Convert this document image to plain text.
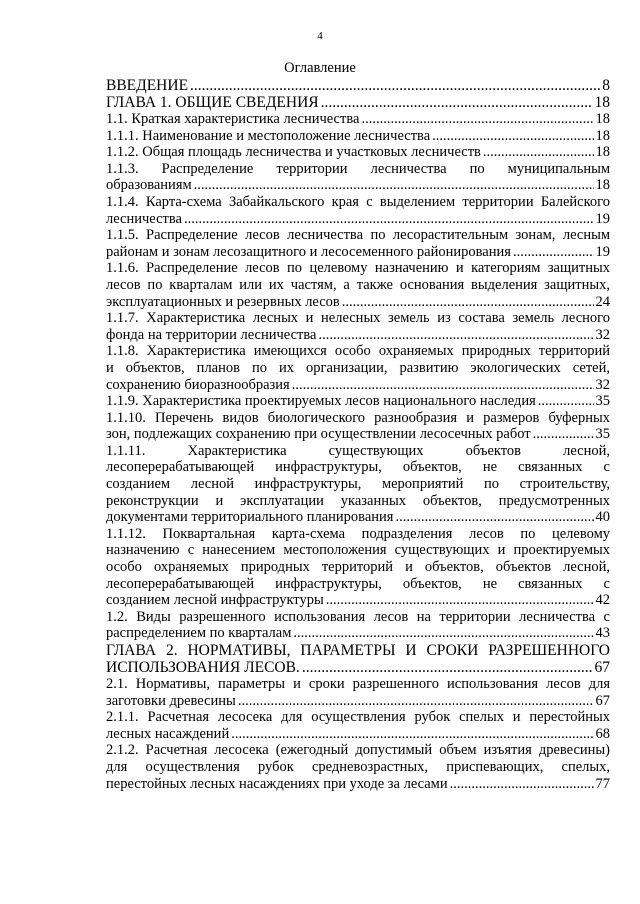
4
Оглавление
ВВЕДЕНИЕ .....	8
ГЛАВА 1. ОБЩИЕ СВЕДЕНИЯ .....	18
1.1. Краткая характеристика лесничества .....	18
1.1.1. Наименование и местоположение лесничества .....	18
1.1.2. Общая площадь лесничества и участковых лесничеств .....	18
1.1.3. Распределение территории лесничества по муниципальным
образованиям .....	18
1.1.4. Карта-схема Забайкальского края с выделением территории Балейского
лесничества .....	19
1.1.5. Распределение лесов лесничества по лесорастительным зонам, лесным
районам и зонам лесозащитного и лесосеменного районирования .....	19
1.1.6. Распределение лесов по целевому назначению и категориям защитных
лесов по кварталам или их частям, а также основания выделения защитных,
эксплуатационных и резервных лесов .....	24
1.1.7. Характеристика лесных и нелесных земель из состава земель лесного
фонда на территории лесничества .....	32
1.1.8. Характеристика имеющихся особо охраняемых природных территорий
и объектов, планов по их организации, развитию экологических сетей,
сохранению биоразнообразия .....	32
1.1.9. Характеристика проектируемых лесов национального наследия .....	35
1.1.10. Перечень видов биологического разнообразия и размеров буферных
зон, подлежащих сохранению при осуществлении лесосечных работ .....	35
1.1.11. Характеристика существующих объектов лесной,
лесоперерабатывающей инфраструктуры, объектов, не связанных с
созданием лесной инфраструктуры, мероприятий по строительству,
реконструкции и эксплуатации указанных объектов, предусмотренных
документами территориального планирования .....	40
1.1.12. Поквартальная карта-схема подразделения лесов по целевому
назначению с нанесением местоположения существующих и проектируемых
особо охраняемых природных территорий и объектов, объектов лесной,
лесоперерабатывающей инфраструктуры, объектов, не связанных с
созданием лесной инфраструктуры .....	42
1.2. Виды разрешенного использования лесов на территории лесничества с
распределением по кварталам .....	43
ГЛАВА 2. НОРМАТИВЫ, ПАРАМЕТРЫ И СРОКИ РАЗРЕШЕННОГО
ИСПОЛЬЗОВАНИЯ ЛЕСОВ. .....	67
2.1. Нормативы, параметры и сроки разрешенного использования лесов для
заготовки древесины .....	67
2.1.1. Расчетная лесосека для осуществления рубок спелых и перестойных
лесных насаждений .....	68
2.1.2. Расчетная лесосека (ежегодный допустимый объем изъятия древесины)
для осуществления рубок средневозрастных, приспевающих, спелых,
перестойных лесных насаждениях при уходе за лесами .....	77
